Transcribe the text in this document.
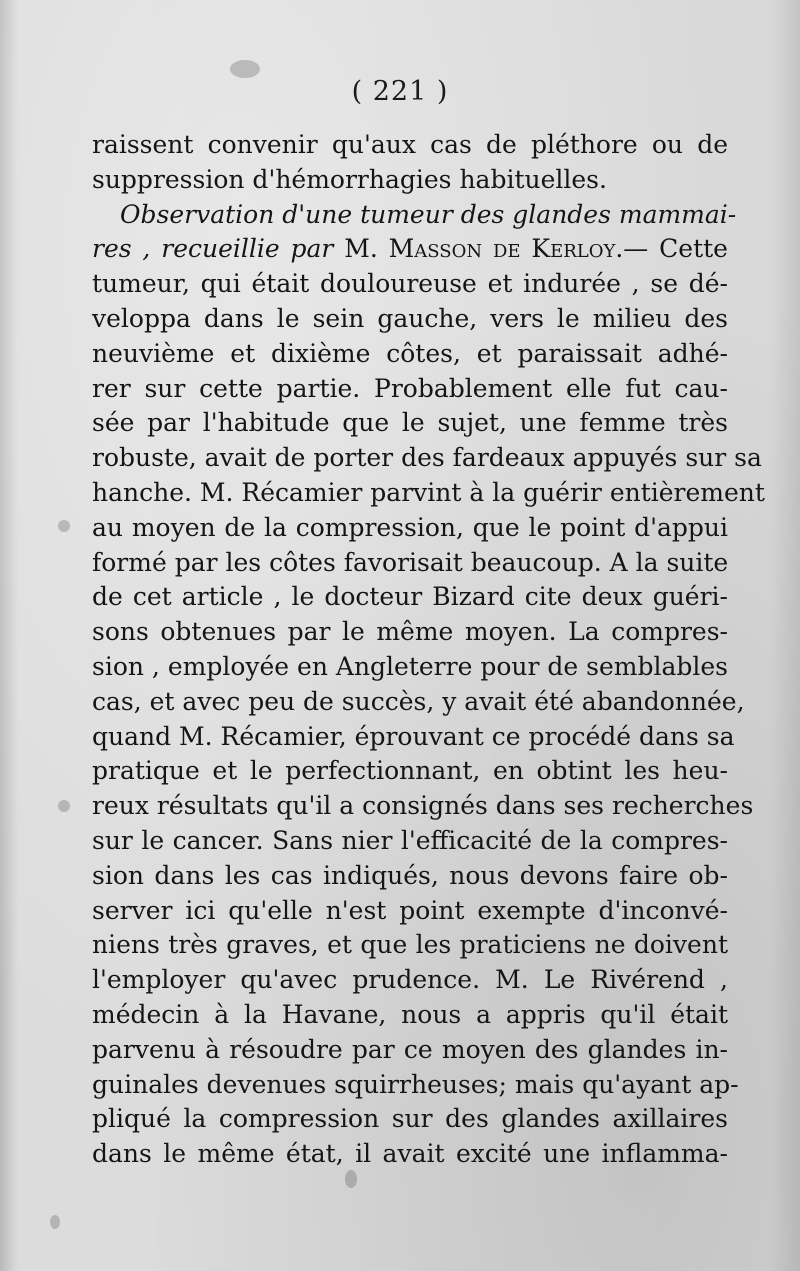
( 221 )
raissent convenir qu'aux cas de pléthore ou de
suppression d'hémorrhagies habituelles.
Observation d'une tumeur des glandes mammai-
res , recueillie par M. Masson de Kerloy.— Cette
tumeur, qui était douloureuse et indurée , se dé-
veloppa dans le sein gauche, vers le milieu des
neuvième et dixième côtes, et paraissait adhé-
rer sur cette partie. Probablement elle fut cau-
sée par l'habitude que le sujet, une femme très
robuste, avait de porter des fardeaux appuyés sur sa
hanche. M. Récamier parvint à la guérir entièrement
au moyen de la compression, que le point d'appui
formé par les côtes favorisait beaucoup. A la suite
de cet article , le docteur Bizard cite deux guéri-
sons obtenues par le même moyen. La compres-
sion , employée en Angleterre pour de semblables
cas, et avec peu de succès, y avait été abandonnée,
quand M. Récamier, éprouvant ce procédé dans sa
pratique et le perfectionnant, en obtint les heu-
reux résultats qu'il a consignés dans ses recherches
sur le cancer. Sans nier l'efficacité de la compres-
sion dans les cas indiqués, nous devons faire ob-
server ici qu'elle n'est point exempte d'inconvé-
niens très graves, et que les praticiens ne doivent
l'employer qu'avec prudence. M. Le Rivérend ,
médecin à la Havane, nous a appris qu'il était
parvenu à résoudre par ce moyen des glandes in-
guinales devenues squirrheuses; mais qu'ayant ap-
pliqué la compression sur des glandes axillaires
dans le même état, il avait excité une inflamma-
